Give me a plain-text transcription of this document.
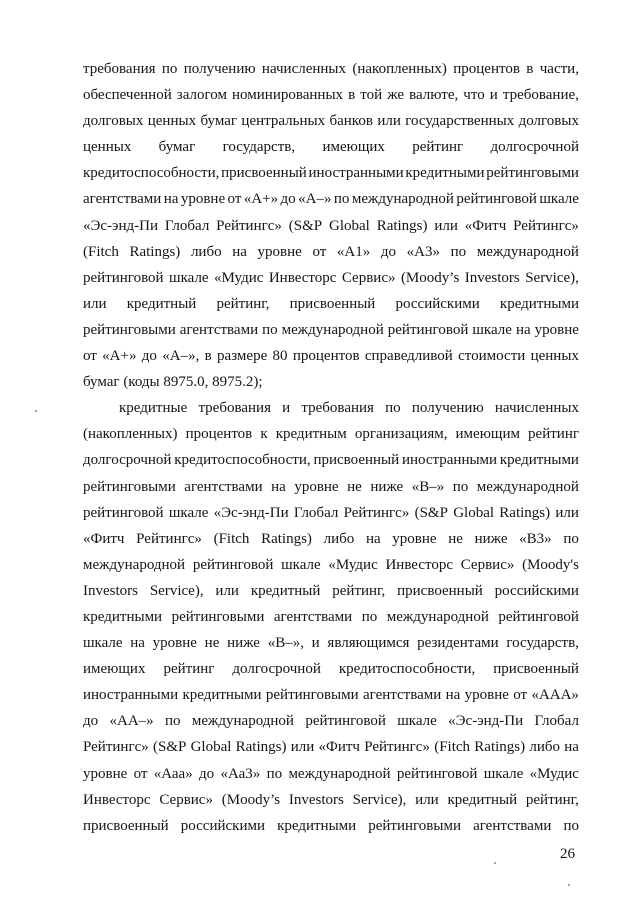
требования по получению начисленных (накопленных) процентов в части,
обеспеченной залогом номинированных в той же валюте, что и требование,
долговых ценных бумаг центральных банков или государственных долговых
ценных бумаг государств, имеющих рейтинг долгосрочной
кредитоспособности, присвоенный иностранными кредитными рейтинговыми
агентствами на уровне от «А+» до «А–» по международной рейтинговой шкале
«Эс-энд-Пи Глобал Рейтингс» (S&P Global Ratings) или «Фитч Рейтингс»
(Fitch Ratings) либо на уровне от «А1» до «А3» по международной
рейтинговой шкале «Мудис Инвесторс Сервис» (Moody’s Investors Service),
или кредитный рейтинг, присвоенный российскими кредитными
рейтинговыми агентствами по международной рейтинговой шкале на уровне
от «А+» до «А–», в размере 80 процентов справедливой стоимости ценных
бумаг (коды 8975.0, 8975.2);
кредитные требования и требования по получению начисленных
(накопленных) процентов к кредитным организациям, имеющим рейтинг
долгосрочной кредитоспособности, присвоенный иностранными кредитными
рейтинговыми агентствами на уровне не ниже «В–» по международной
рейтинговой шкале «Эс-энд-Пи Глобал Рейтингс» (S&P Global Ratings) или
«Фитч Рейтингс» (Fitch Ratings) либо на уровне не ниже «В3» по
международной рейтинговой шкале «Мудис Инвесторс Сервис» (Moody's
Investors Service), или кредитный рейтинг, присвоенный российскими
кредитными рейтинговыми агентствами по международной рейтинговой
шкале на уровне не ниже «В–», и являющимся резидентами государств,
имеющих рейтинг долгосрочной кредитоспособности, присвоенный
иностранными кредитными рейтинговыми агентствами на уровне от «ААА»
до «АА–» по международной рейтинговой шкале «Эс-энд-Пи Глобал
Рейтингс» (S&P Global Ratings) или «Фитч Рейтингс» (Fitch Ratings) либо на
уровне от «Ааа» до «Аа3» по международной рейтинговой шкале «Мудис
Инвесторс Сервис» (Moody’s Investors Service), или кредитный рейтинг,
присвоенный российскими кредитными рейтинговыми агентствами по
26
